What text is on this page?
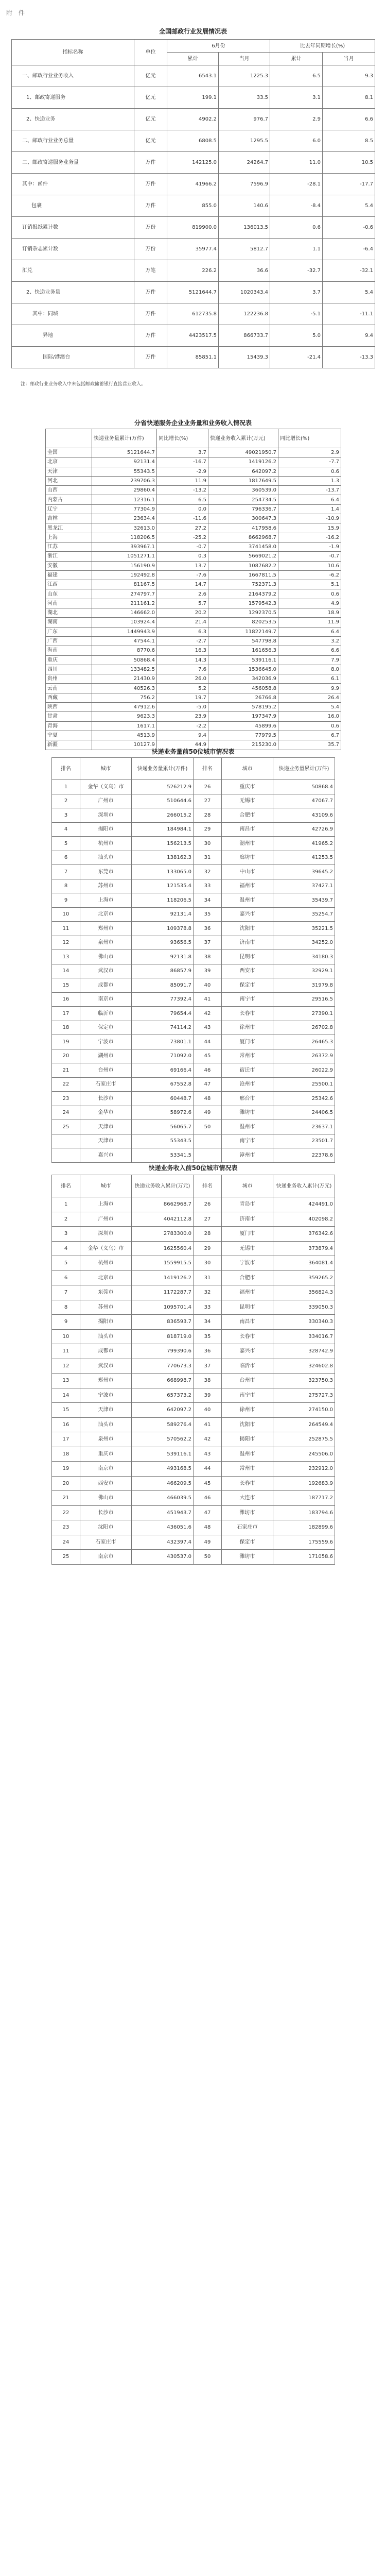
附　件
全国邮政行业发展情况表
指标名称	单位	6月份		比去年同期增长(%)	
		累计	当月	累计	当月
一、邮政行业业务收入	亿元	6543.1	1225.3	6.5	9.3
1、邮政寄递服务	亿元	199.1	33.5	3.1	8.1
2、快递业务	亿元	4902.2	976.7	2.9	6.6
二、邮政行业业务总量	亿元	6808.5	1295.5	6.0	8.5
二、邮政寄递服务业务量	万件	142125.0	24264.7	11.0	10.5
其中：函件	万件	41966.2	7596.9	-28.1	-17.7
包裹	万件	855.0	140.6	-8.4	5.4
订销报纸累计数	万份	819900.0	136013.5	0.6	-0.6
订销杂志累计数	万份	35977.4	5812.7	1.1	-6.4
汇兑	万笔	226.2	36.6	-32.7	-32.1
2、快递业务量	万件	5121644.7	1020343.4	3.7	5.4
其中：同城	万件	612735.8	122236.8	-5.1	-11.1
异地	万件	4423517.5	866733.7	5.0	9.4
国际/港澳台	万件	85851.1	15439.3	-21.4	-13.3
注：邮政行业业务收入中未包括邮政储蓄银行直接营业收入。
分省快递服务企业业务量和业务收入情况表
	快递业务量累计(万件)	同比增长(%)	快递业务收入累计(万元)	同比增长(%)
全国	5121644.7	3.7	49021950.7	2.9
北京	92131.4	-16.7	1419126.2	-7.7
天津	55343.5	-2.9	642097.2	0.6
河北	239706.3	11.9	1817649.5	1.3
山西	29860.4	-13.2	360539.0	-13.7
内蒙古	12316.1	6.5	254734.5	6.4
辽宁	77304.9	0.0	796336.7	1.4
吉林	23634.4	-11.6	300647.3	-10.9
黑龙江	32613.0	27.2	417958.6	15.9
上海	118206.5	-25.2	8662968.7	-16.2
江苏	393967.1	-0.7	3741458.0	-1.9
浙江	1051271.1	0.3	5669021.2	-0.7
安徽	156190.9	13.7	1087682.2	10.6
福建	192492.8	-7.6	1667811.5	-6.2
江西	81167.5	14.7	752371.3	5.1
山东	274797.7	2.6	2164379.2	0.6
河南	211161.2	5.7	1579542.3	4.9
湖北	146662.0	20.2	1292370.5	18.9
湖南	103924.4	21.4	820253.5	11.9
广东	1449943.9	6.3	11822149.7	6.4
广西	47544.1	-2.7	547798.8	3.2
海南	8770.6	16.3	161656.3	6.6
重庆	50868.4	14.3	539116.1	7.9
四川	133482.5	7.6	1536645.0	8.0
贵州	21430.9	26.0	342036.9	6.1
云南	40526.3	5.2	456058.8	9.9
西藏	756.2	19.7	26766.8	26.4
陕西	47912.6	-5.0	578195.2	5.4
甘肃	9623.3	23.9	197347.9	16.0
青海	1617.1	-2.2	45899.6	0.6
宁夏	4513.9	9.4	77979.5	6.7
新疆	10127.9	44.9	215230.0	35.7
快递业务量前50位城市情况表
排名	城市	快递业务量累计(万件)	排名	城市	快递业务量累计(万件)
1	金华（义乌）市	526212.9	26	重庆市	50868.4
2	广州市	510644.6	27	无锡市	47067.7
3	深圳市	266015.2	28	合肥市	43109.6
4	揭阳市	184984.1	29	南昌市	42726.9
5	杭州市	156213.5	30	潮州市	41965.2
6	汕头市	138162.3	31	廊坊市	41253.5
7	东莞市	133065.0	32	中山市	39645.2
8	苏州市	121535.4	33	福州市	37427.1
9	上海市	118206.5	34	温州市	35439.7
10	北京市	92131.4	35	嘉兴市	35254.7
11	郑州市	109378.8	36	沈阳市	35221.5
12	泉州市	93656.5	37	济南市	34252.0
13	佛山市	92131.8	38	昆明市	34180.3
14	武汉市	86857.9	39	西安市	32929.1
15	成都市	85091.7	40	保定市	31979.8
16	南京市	77392.4	41	南宁市	29516.5
17	临沂市	79654.4	42	长春市	27390.1
18	保定市	74114.2	43	徐州市	26702.8
19	宁波市	73801.1	44	厦门市	26465.3
20	湖州市	71092.0	45	常州市	26372.9
21	台州市	69166.4	46	宿迁市	26022.9
22	石家庄市	67552.8	47	沧州市	25500.1
23	长沙市	60448.7	48	邢台市	25342.6
24	金华市	58972.6	49	潍坊市	24406.5
25	天津市	56065.7	50	温州市	23637.1
	天津市	55343.5		南宁市	23501.7
	嘉兴市	53341.5		漳州市	22378.6
快递业务收入前50位城市情况表
排名	城市	快递业务收入累计(万元)	排名	城市	快递业务收入累计(万元)
1	上海市	8662968.7	26	青岛市	424491.0
2	广州市	4042112.8	27	济南市	402098.2
3	深圳市	2783300.0	28	厦门市	376342.6
4	金华（义乌）市	1625560.4	29	无锡市	373879.4
5	杭州市	1559915.5	30	宁波市	364081.4
6	北京市	1419126.2	31	合肥市	359265.2
7	东莞市	1172287.7	32	福州市	356824.3
8	苏州市	1095701.4	33	昆明市	339050.3
9	揭阳市	836593.7	34	南昌市	330340.3
10	汕头市	818719.0	35	长春市	334016.7
11	成都市	799390.6	36	嘉兴市	328742.9
12	武汉市	770673.3	37	临沂市	324602.8
13	郑州市	668998.7	38	台州市	323750.3
14	宁波市	657373.2	39	南宁市	275727.3
15	天津市	642097.2	40	徐州市	274150.0
16	汕头市	589276.4	41	沈阳市	264549.4
17	泉州市	570562.2	42	揭阳市	252875.5
18	重庆市	539116.1	43	温州市	245506.0
19	南京市	493168.5	44	常州市	232912.0
20	西安市	466209.5	45	长春市	192683.9
21	佛山市	466039.5	46	大连市	187717.2
22	长沙市	451943.7	47	潍坊市	183794.6
23	沈阳市	436051.6	48	石家庄市	182899.6
24	石家庄市	432397.4	49	保定市	175559.6
25	南京市	430537.0	50	潍坊市	171058.6
